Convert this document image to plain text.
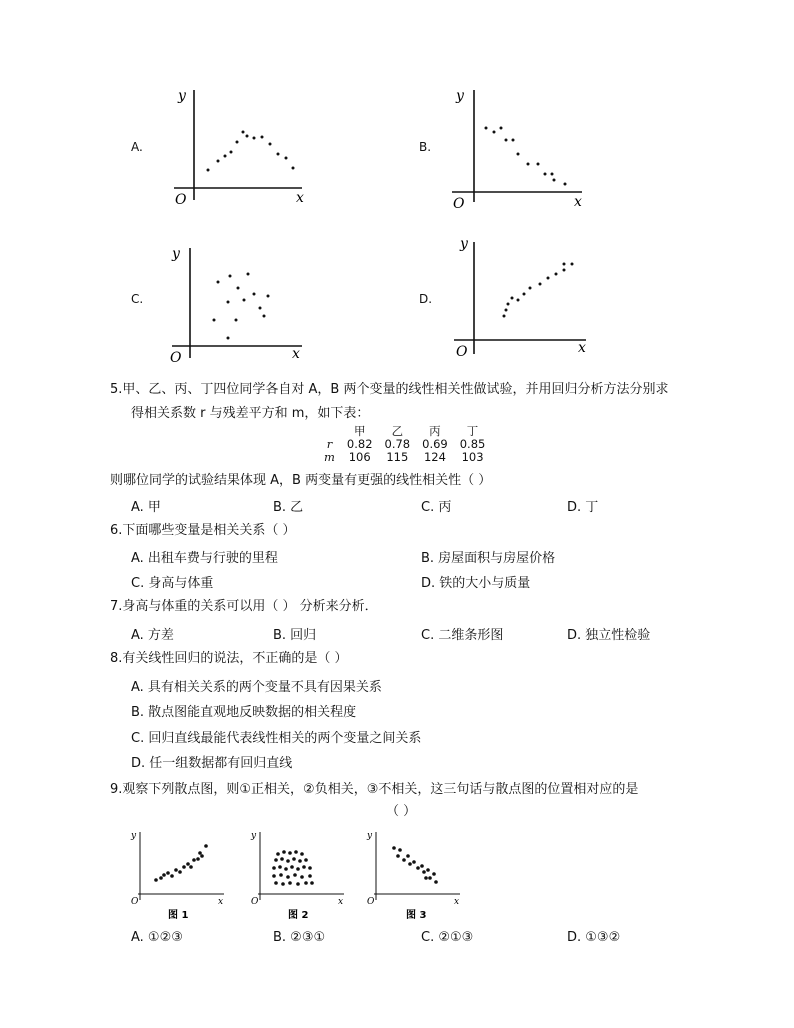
A.
y
x
O
B.
y
x
O
C.
y
x
O
D.
y
x
O
5.甲、乙、丙、丁四位同学各自对 A，B 两个变量的线性相关性做试验，并用回归分析方法分别求
得相关系数 r 与残差平方和 m，如下表：
	甲	乙	丙	丁
r	0.82	0.78	0.69	0.85
m	106	115	124	103
则哪位同学的试验结果体现 A，B 两变量有更强的线性相关性（ ）
A. 甲	B. 乙	C. 丙	D. 丁
6.下面哪些变量是相关关系（ ）
A. 出租车费与行驶的里程	B. 房屋面积与房屋价格
C. 身高与体重	D. 铁的大小与质量
7.身高与体重的关系可以用（ ） 分析来分析．
A. 方差	B. 回归	C. 二维条形图	D. 独立性检验
8.有关线性回归的说法，不正确的是（ ）
A. 具有相关关系的两个变量不具有因果关系
B. 散点图能直观地反映数据的相关程度
C. 回归直线最能代表线性相关的两个变量之间关系
D. 任一组数据都有回归直线
9.观察下列散点图，则①正相关，②负相关，③不相关，这三句话与散点图的位置相对应的是
（ ）
y
x
O
图 1
y
x
O
图 2
y
x
O
图 3
A. ①②③	B. ②③①	C. ②①③	D. ①③②
